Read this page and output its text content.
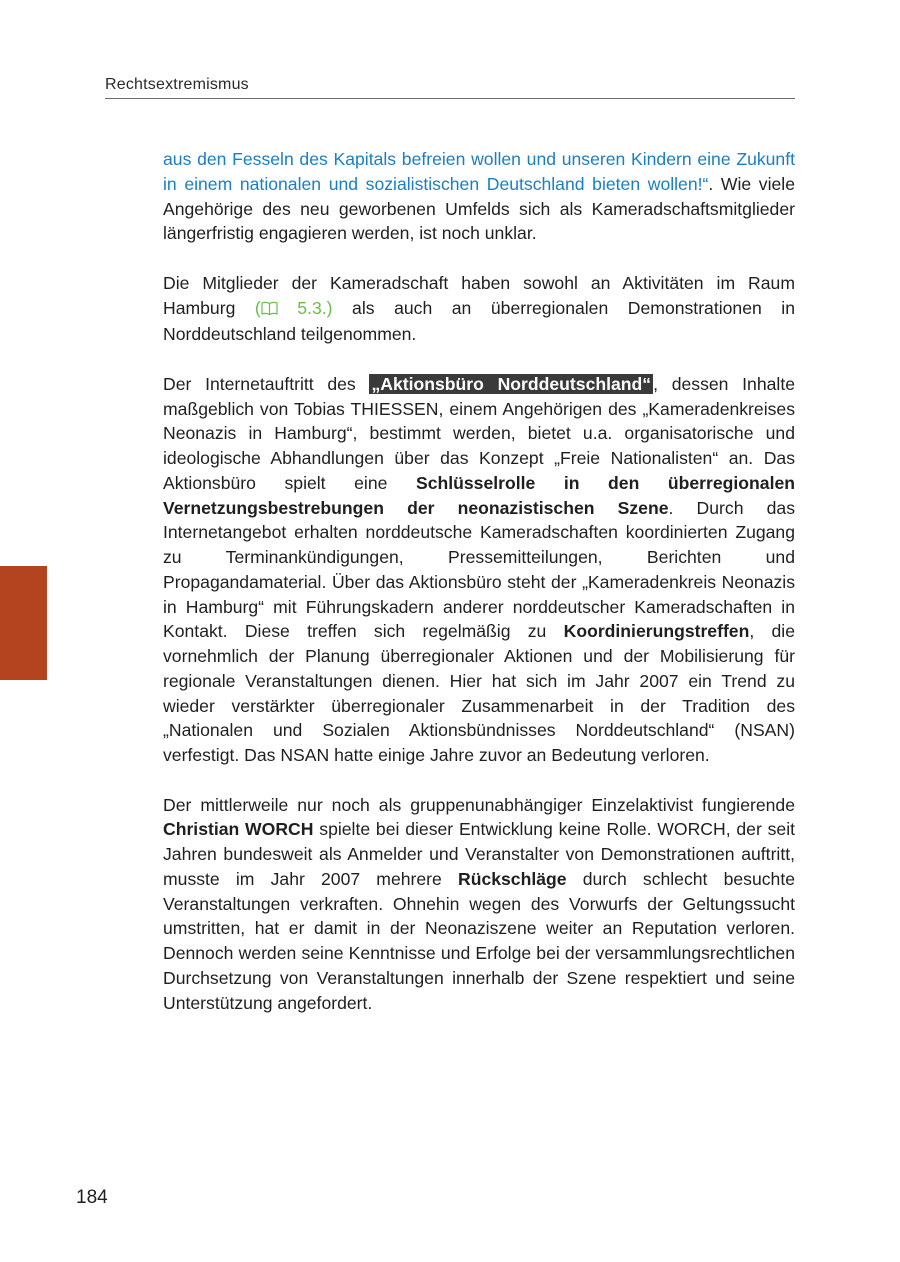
Rechtsextremismus

aus den Fesseln des Kapitals befreien wollen und unseren Kindern eine Zukunft in einem nationalen und sozialistischen Deutschland bieten wollen!“. Wie viele Angehörige des neu geworbenen Umfelds sich als Kameradschaftsmitglieder längerfristig engagieren werden, ist noch unklar.

Die Mitglieder der Kameradschaft haben sowohl an Aktivitäten im Raum Hamburg ( 5.3.) als auch an überregionalen Demonstrationen in Norddeutschland teilgenommen.

Der Internetauftritt des „Aktionsbüro Norddeutschland“ , dessen Inhalte maßgeblich von Tobias THIESSEN, einem Angehörigen des „Kameradenkreises Neonazis in Hamburg“, bestimmt werden, bietet u.a. organisatorische und ideologische Abhandlungen über das Konzept „Freie Nationalisten“ an. Das Aktionsbüro spielt eine Schlüsselrolle in den überregionalen Vernetzungsbestrebungen der neonazistischen Szene. Durch das Internetangebot erhalten norddeutsche Kameradschaften koordinierten Zugang zu Terminankündigungen, Pressemitteilungen, Berichten und Propagandamaterial. Über das Aktionsbüro steht der „Kameradenkreis Neonazis in Hamburg“ mit Führungskadern anderer norddeutscher Kameradschaften in Kontakt. Diese treffen sich regelmäßig zu Koordinierungstreffen, die vornehmlich der Planung überregionaler Aktionen und der Mobilisierung für regionale Veranstaltungen dienen. Hier hat sich im Jahr 2007 ein Trend zu wieder verstärkter überregionaler Zusammenarbeit in der Tradition des „Nationalen und Sozialen Aktionsbündnisses Norddeutschland“ (NSAN) verfestigt. Das NSAN hatte einige Jahre zuvor an Bedeutung verloren.

Der mittlerweile nur noch als gruppenunabhängiger Einzelaktivist fungierende Christian WORCH spielte bei dieser Entwicklung keine Rolle. WORCH, der seit Jahren bundesweit als Anmelder und Veranstalter von Demonstrationen auftritt, musste im Jahr 2007 mehrere Rückschläge durch schlecht besuchte Veranstaltungen verkraften. Ohnehin wegen des Vorwurfs der Geltungssucht umstritten, hat er damit in der Neonaziszene weiter an Reputation verloren. Dennoch werden seine Kenntnisse und Erfolge bei der versammlungsrechtlichen Durchsetzung von Veranstaltungen innerhalb der Szene respektiert und seine Unterstützung angefordert.

184
